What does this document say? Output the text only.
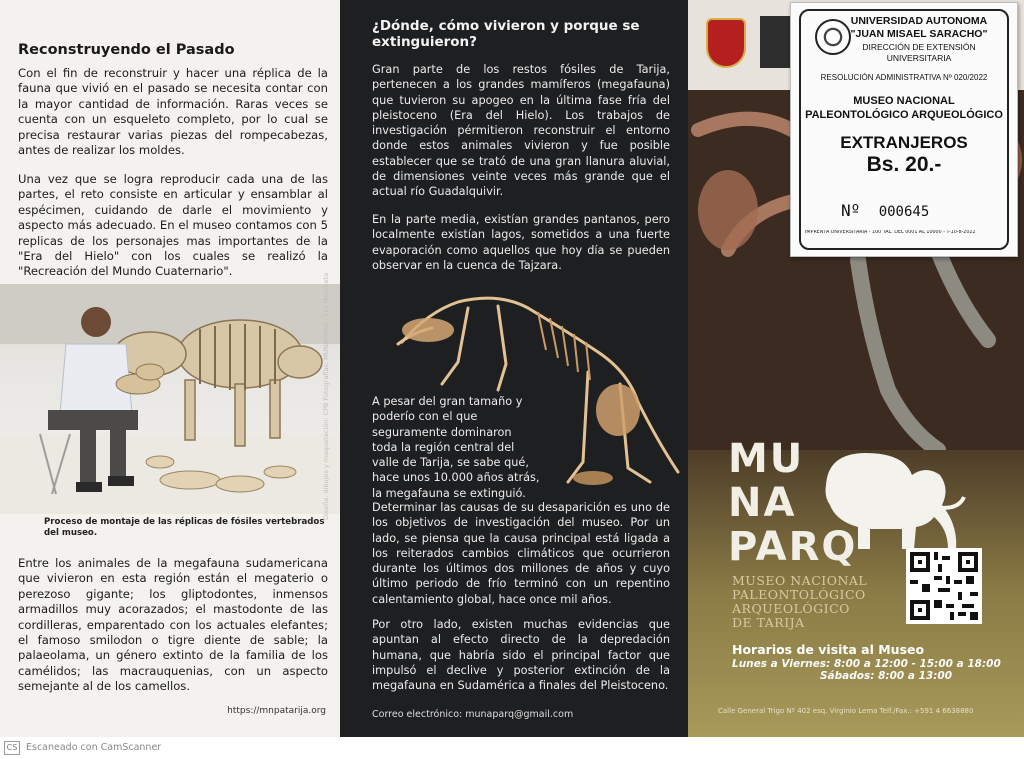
Reconstruyendo el Pasado

Con el fin de reconstruir y hacer una réplica de la fauna que vivió en el pasado se necesita contar con la mayor cantidad de información. Raras veces se cuenta con un esqueleto completo, por lo cual se precisa restaurar varias piezas del rompecabezas, antes de realizar los moldes.

Una vez que se logra reproducir cada una de las partes, el reto consiste en articular y ensamblar al espécimen, cuidando de darle el movimiento y aspecto más adecuado. En el museo contamos con 5 replicas de los personajes mas importantes de la "Era del Hielo" con los cuales se realizó la "Recreación del Mundo Cuaternario".

Proceso de montaje de las réplicas de fósiles vertebrados del museo.

Entre los animales de la megafauna sudamericana que vivieron en esta región están el megaterio o perezoso gigante; los gliptodontes, inmensos armadillos muy acorazados; el mastodonte de las cordilleras, emparentado con los actuales elefantes; el famoso smilodon o tigre diente de sable; la palaeolama, un género extinto de la familia de los camélidos; las macrauquenias, con un aspecto semejante al de los camellos.

https://mnpatarija.org
¿Dónde, cómo vivieron y porque se extinguieron?

Gran parte de los restos fósiles de Tarija, pertenecen a los grandes mamíferos (megafauna) que tuvieron su apogeo en la última fase fría del pleistoceno (Era del Hielo). Los trabajos de investigación pérmitieron reconstruir el entorno donde estos animales vivieron y fue posible establecer que se trató de una gran llanura aluvial, de dimensiones veinte veces más grande que el actual río Guadalquivir.

En la parte media, existían grandes pantanos, pero localmente existían lagos, sometidos a una fuerte evaporación como aquellos que hoy día se pueden observar en la cuenca de Tajzara.

A pesar del gran tamaño y poderío con el que seguramente dominaron toda la región central del valle de Tarija, se sabe qué, hace unos 10.000 años atrás, la megafauna se extinguió.

Determinar las causas de su desaparición es uno de los objetivos de investigación del museo. Por un lado, se piensa que la causa principal está ligada a los reiterados cambios climáticos que ocurrieron durante los últimos dos millones de años y cuyo último periodo de frío terminó con un repentino calentamiento global, hace once mil años.

Por otro lado, existen muchas evidencias que apuntan al efecto directo de la depredación humana, que habría sido el principal factor que impulsó el declive y posterior extinción de la megafauna en Sudamérica a finales del Pleistoceno.

Correo electrónico: munaparq@gmail.com
Diseño, dibujos y maquetación: CPB Fotografías: MUNAPARQ - Lily Mendieta	MU
NA
PARQ
MUSEO NACIONAL
PALEONTOLÓGICO
ARQUEOLÓGICO
DE TARIJA
Horarios de visita al Museo
Lunes a Viernes: 8:00 a 12:00 - 15:00 a 18:00
Sábados: 8:00 a 13:00
Calle General Trigo Nº 402 esq. Virginio Lema Telf./Fax.: +591 4 6638880
UNIVERSIDAD AUTONOMA
"JUAN MISAEL SARACHO"
DIRECCIÓN DE EXTENSIÓN
UNIVERSITARIA
RESOLUCIÓN ADMINISTRATIVA Nº 020/2022
MUSEO NACIONAL
PALEONTOLÓGICO ARQUEOLÓGICO
EXTRANJEROS
Bs. 20.-
Nº 000645
IMPRENTA UNIVERSITARIA - 100 TAL. DEL 0001 AL 10000 - T-10-8-2022
CS Escaneado con CamScanner
